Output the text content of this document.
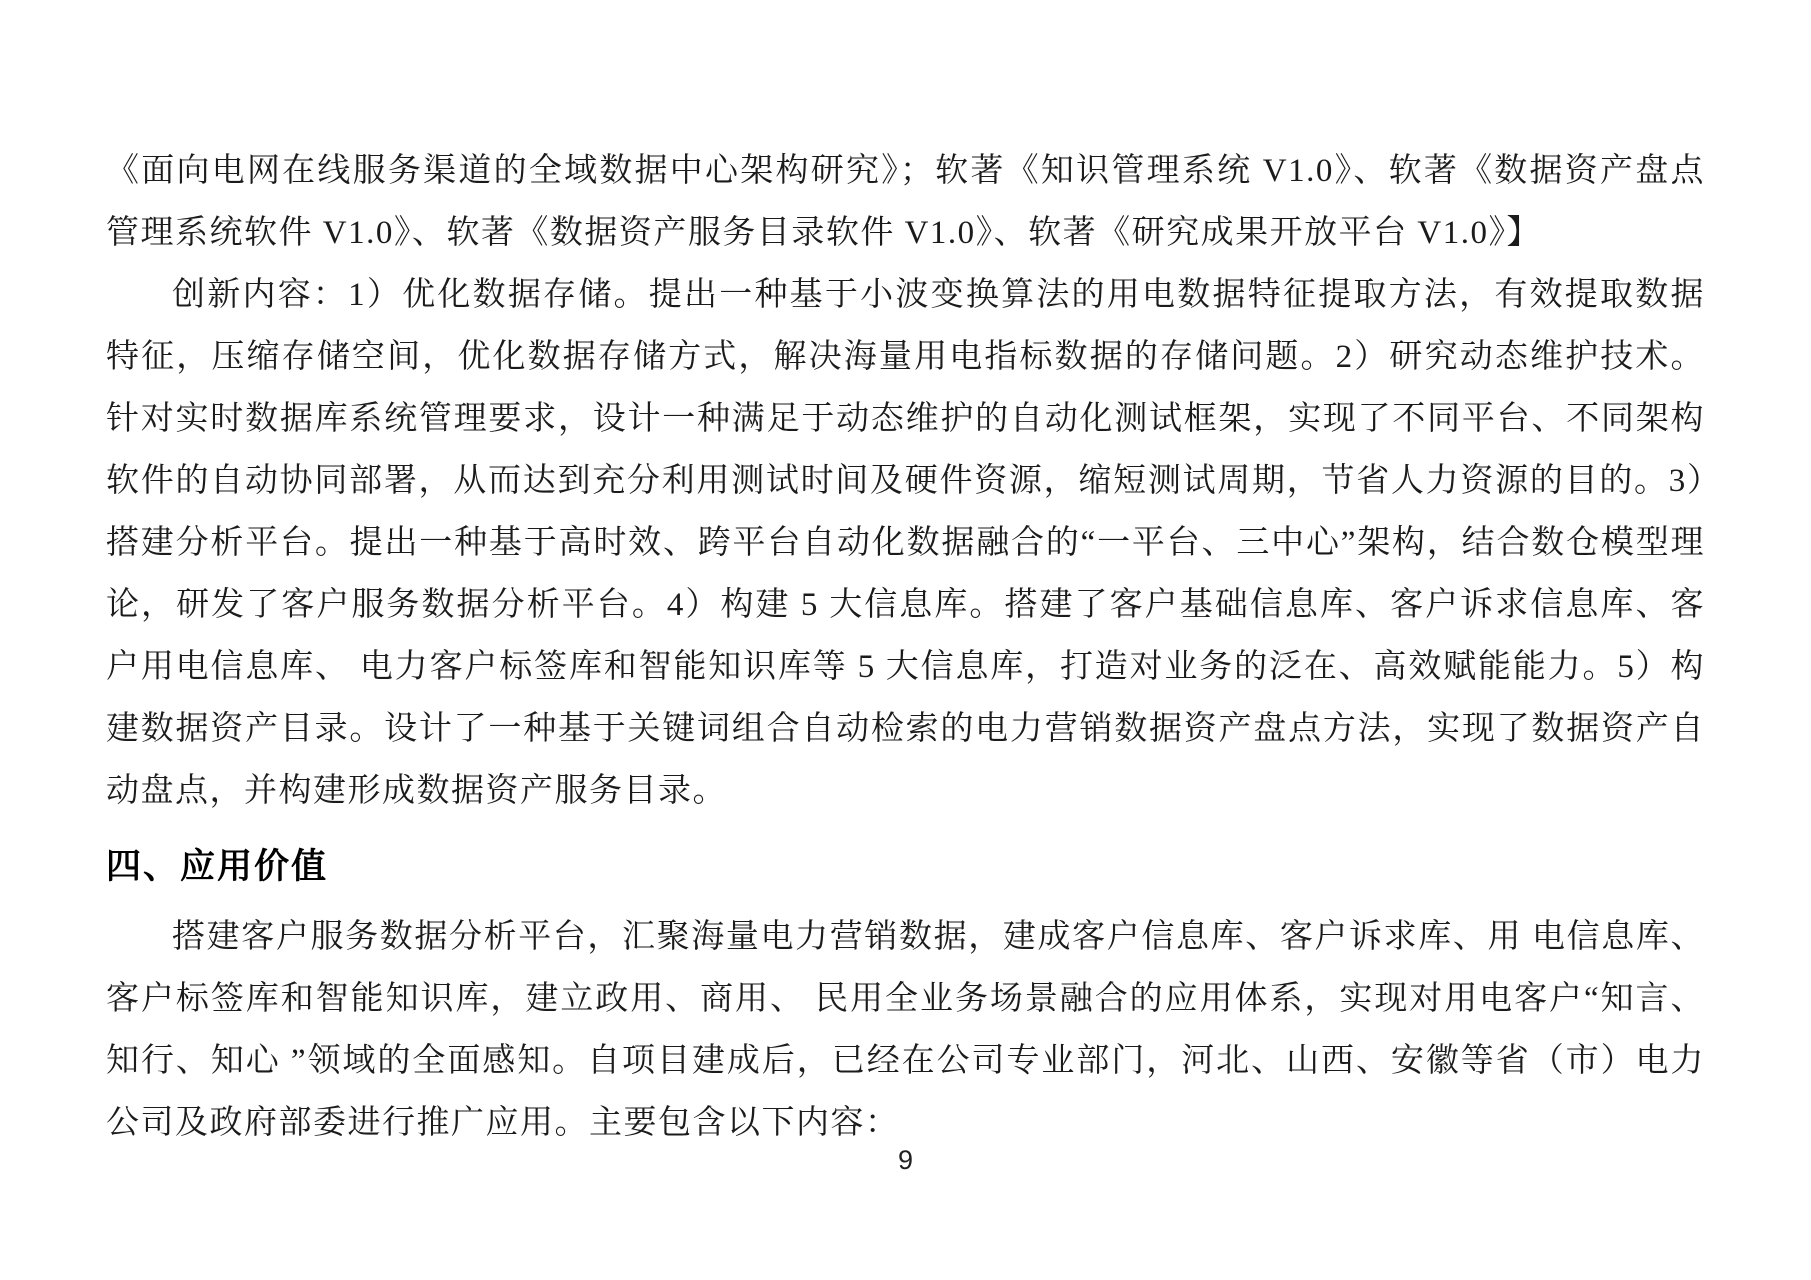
《面向电网在线服务渠道的全域数据中心架构研究》；软著《知识管理系统 V1.0》、软著《数据资产盘点管理系统软件 V1.0》、软著《数据资产服务目录软件 V1.0》、软著《研究成果开放平台 V1.0》】

创新内容：1）优化数据存储。提出一种基于小波变换算法的用电数据特征提取方法，有效提取数据特征，压缩存储空间，优化数据存储方式，解决海量用电指标数据的存储问题。2）研究动态维护技术。针对实时数据库系统管理要求，设计一种满足于动态维护的自动化测试框架，实现了不同平台、不同架构软件的自动协同部署，从而达到充分利用测试时间及硬件资源，缩短测试周期，节省人力资源的目的。3）搭建分析平台。提出一种基于高时效、跨平台自动化数据融合的“一平台、三中心”架构，结合数仓模型理论，研发了客户服务数据分析平台。4）构建 5 大信息库。搭建了客户基础信息库、客户诉求信息库、客户用电信息库、 电力客户标签库和智能知识库等 5 大信息库，打造对业务的泛在、高效赋能能力。5）构建数据资产目录。设计了一种基于关键词组合自动检索的电力营销数据资产盘点方法，实现了数据资产自动盘点，并构建形成数据资产服务目录。

四、应用价值

搭建客户服务数据分析平台，汇聚海量电力营销数据，建成客户信息库、客户诉求库、用 电信息库、客户标签库和智能知识库，建立政用、商用、 民用全业务场景融合的应用体系，实现对用电客户“知言、知行、知心 ”领域的全面感知。自项目建成后，已经在公司专业部门，河北、山西、安徽等省（市）电力公司及政府部委进行推广应用。主要包含以下内容：

9
